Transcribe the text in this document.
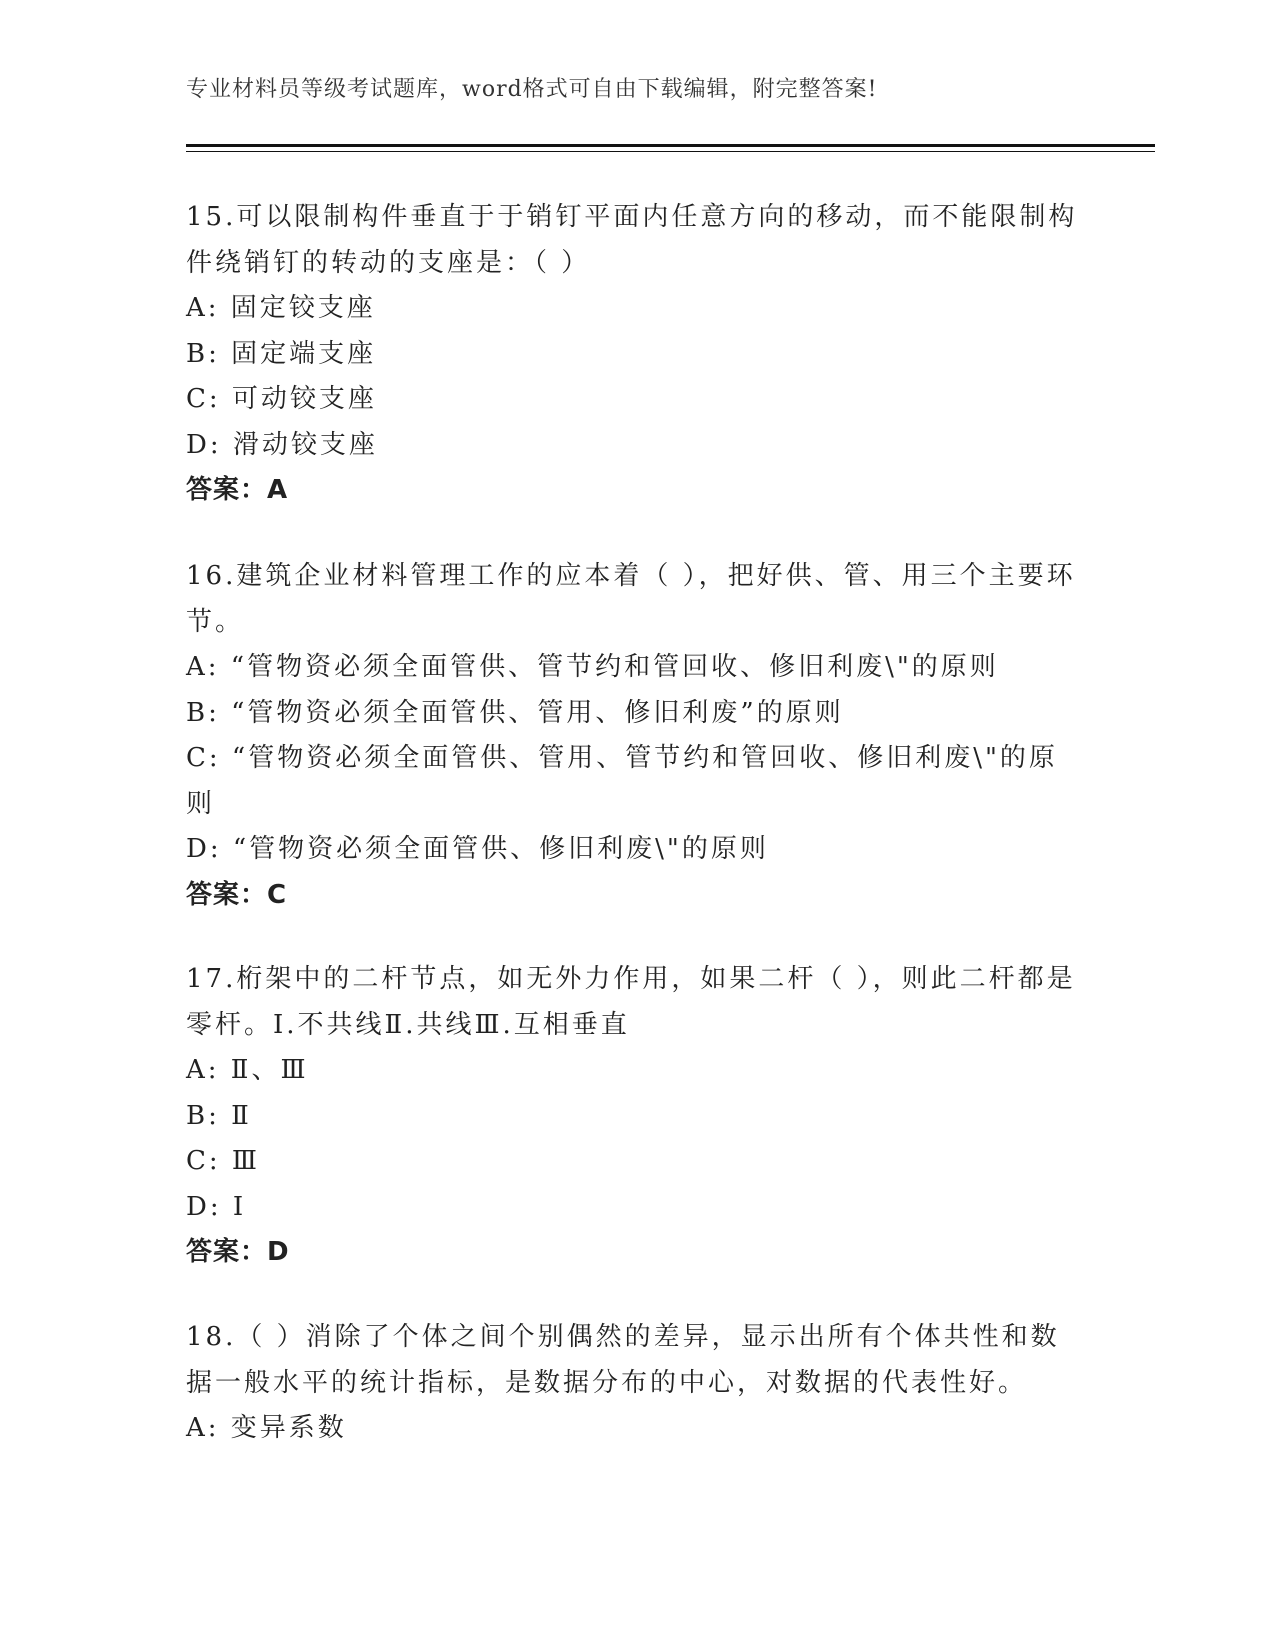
专业材料员等级考试题库，word格式可自由下载编辑，附完整答案!

15.可以限制构件垂直于于销钉平面内任意方向的移动，而不能限制构件绕销钉的转动的支座是：（ ）

A: 固定铰支座

B: 固定端支座

C: 可动铰支座

D: 滑动铰支座

答案：A

16.建筑企业材料管理工作的应本着（ ），把好供、管、用三个主要环节。

A: “管物资必须全面管供、管节约和管回收、修旧利废\"的原则

B: “管物资必须全面管供、管用、修旧利废”的原则

C: “管物资必须全面管供、管用、管节约和管回收、修旧利废\"的原则

D: “管物资必须全面管供、修旧利废\"的原则

答案：C

17.桁架中的二杆节点，如无外力作用，如果二杆（ ），则此二杆都是零杆。I.不共线Ⅱ.共线Ⅲ.互相垂直

A: Ⅱ、Ⅲ

B: Ⅱ

C: Ⅲ

D: Ⅰ

答案：D

18.（ ）消除了个体之间个别偶然的差异，显示出所有个体共性和数据一般水平的统计指标，是数据分布的中心，对数据的代表性好。

A: 变异系数
